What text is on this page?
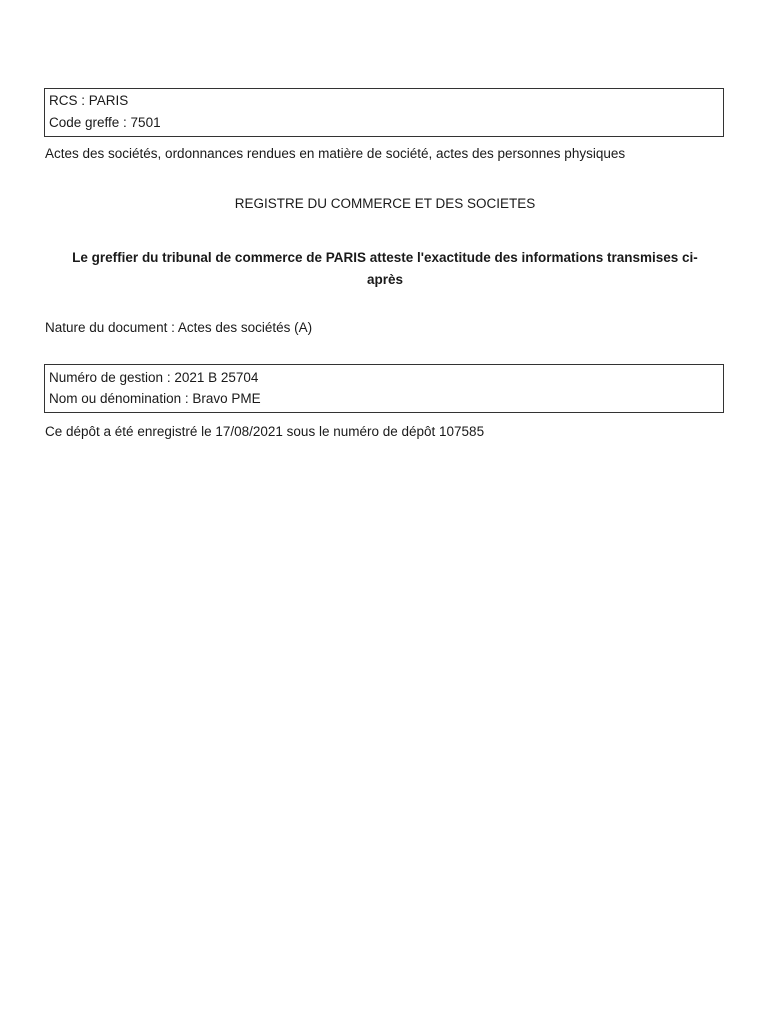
RCS : PARIS
Code greffe : 7501
Actes des sociétés, ordonnances rendues en matière de société, actes des personnes physiques
REGISTRE DU COMMERCE ET DES SOCIETES
Le greffier du tribunal de commerce de PARIS atteste l'exactitude des informations transmises ci-après
Nature du document : Actes des sociétés (A)
Numéro de gestion : 2021 B 25704
Nom ou dénomination : Bravo PME
Ce dépôt a été enregistré le 17/08/2021 sous le numéro de dépôt 107585
